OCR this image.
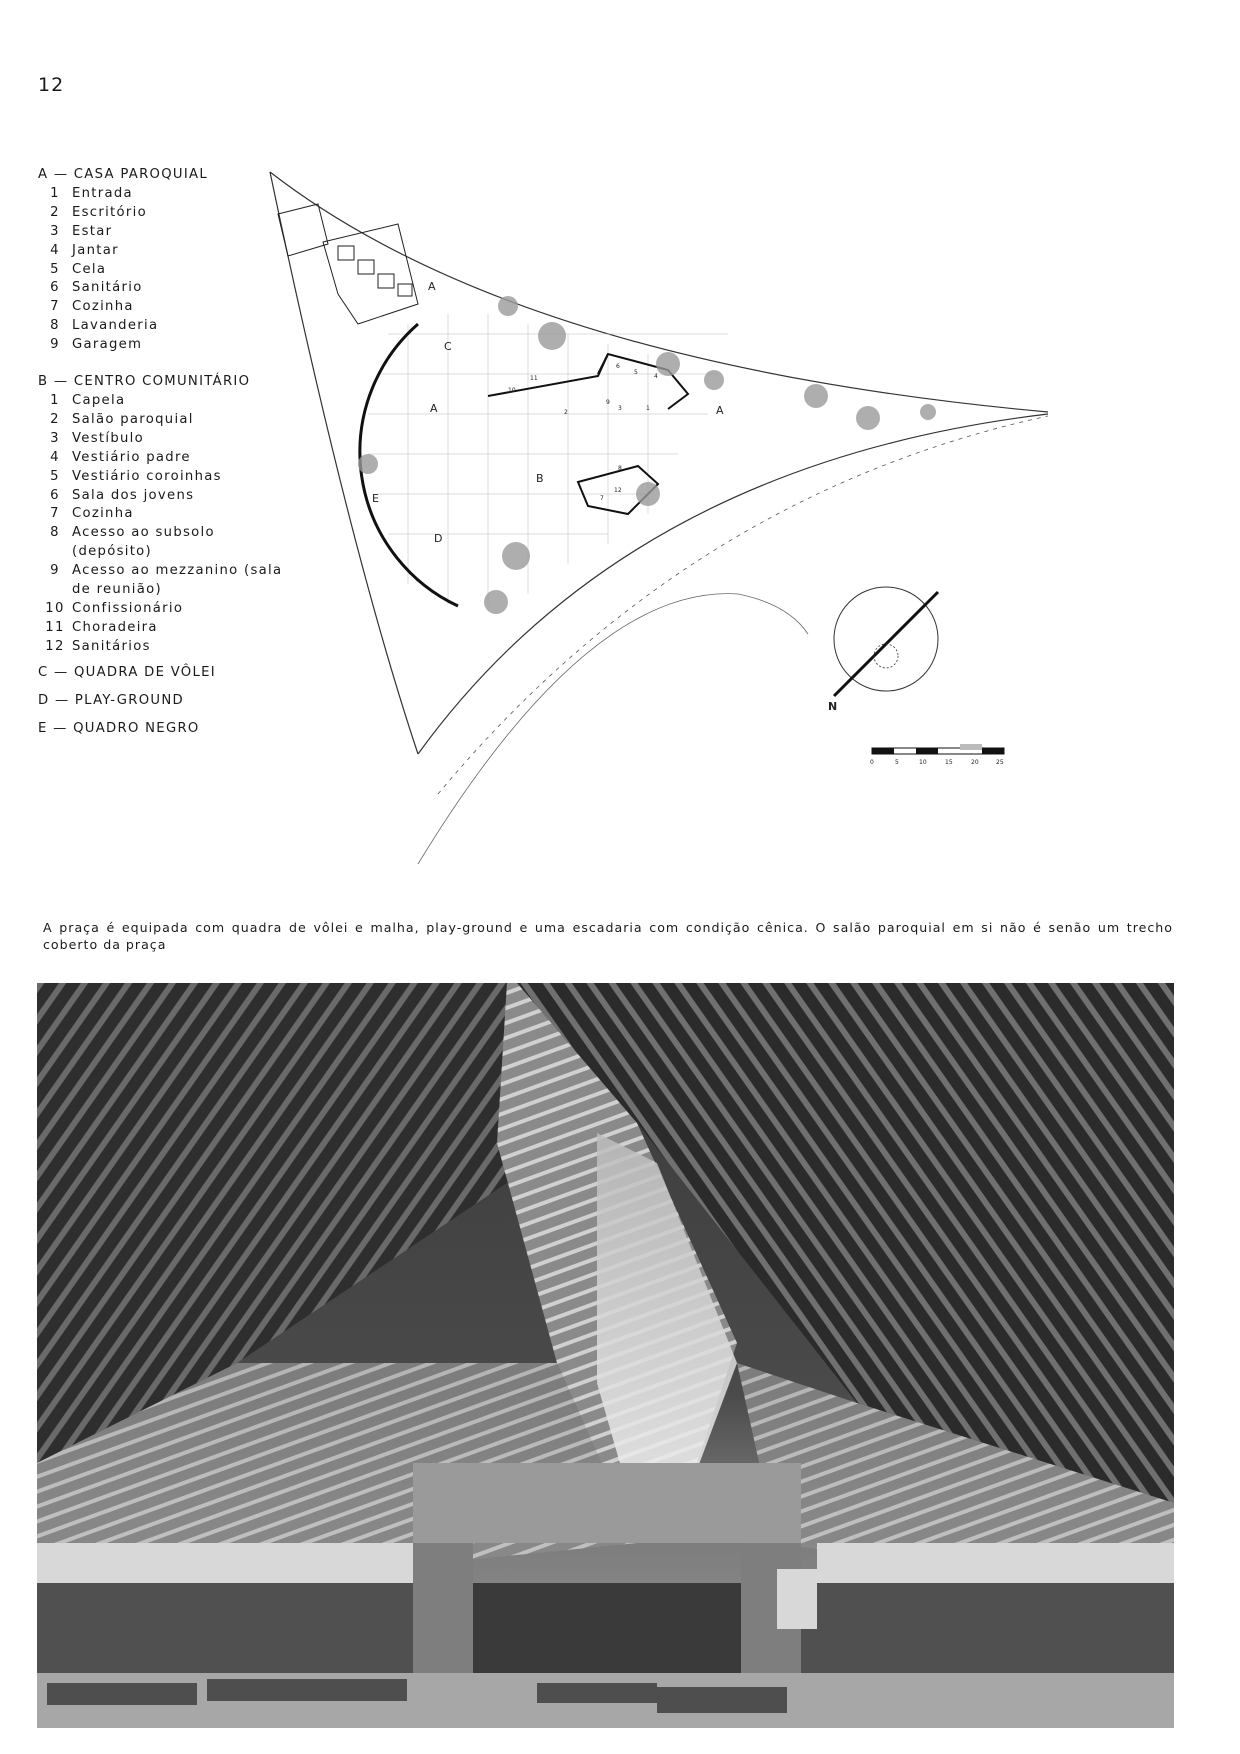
12
A — CASA PAROQUIAL
1 Entrada
2 Escritório
3 Estar
4 Jantar
5 Cela
6 Sanitário
7 Cozinha
8 Lavanderia
9 Garagem
B — CENTRO COMUNITÁRIO
1 Capela
2 Salão paroquial
3 Vestíbulo
4 Vestiário padre
5 Vestiário coroinhas
6 Sala dos jovens
7 Cozinha
8 Acesso ao subsolo (depósito)
9 Acesso ao mezzanino (sala de reunião)
10 Confissionário
11 Choradeira
12 Sanitários
C — QUADRA DE VÔLEI
D — PLAY-GROUND
E — QUADRO NEGRO
A
A	A
B
C
D
E
1
2
3
4
5
6
7
8
9
10
11
12
N
0	5	10	15	20	25
A praça é equipada com quadra de vôlei e malha, play-ground e uma escadaria com condição cênica. O salão paroquial em si não é senão um trecho coberto da praça
